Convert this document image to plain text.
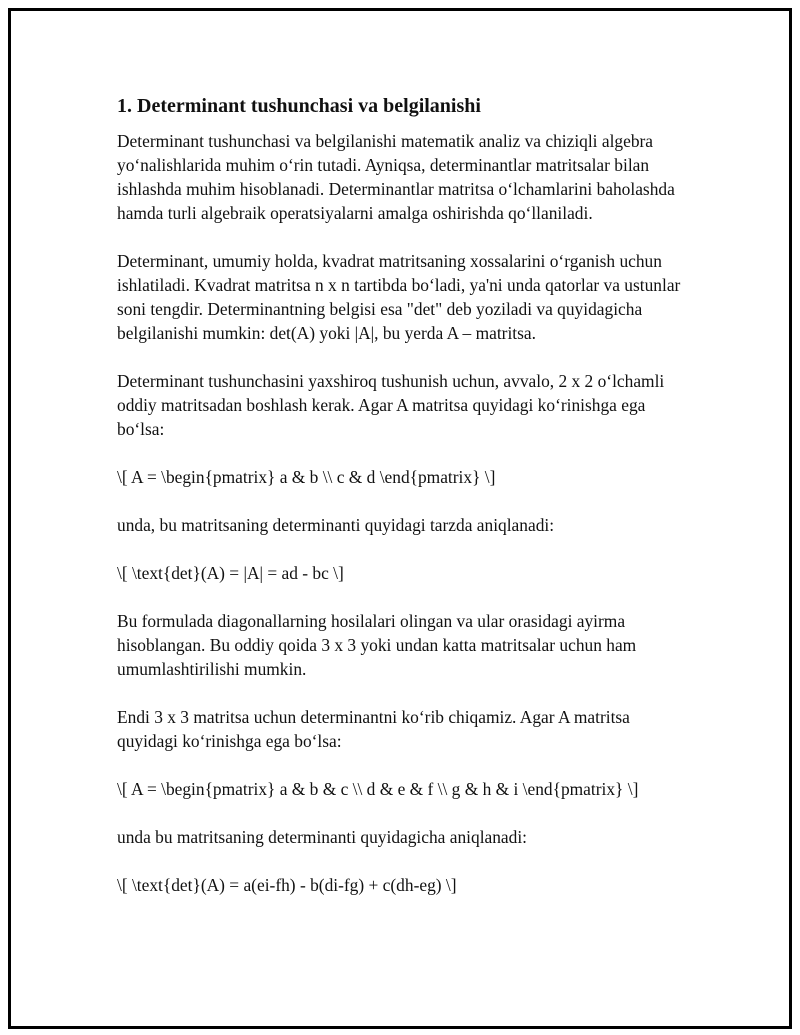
1. Determinant tushunchasi va belgilanishi

Determinant tushunchasi va belgilanishi matematik analiz va chiziqli algebra yo‘nalishlarida muhim o‘rin tutadi. Ayniqsa, determinantlar matritsalar bilan ishlashda muhim hisoblanadi. Determinantlar matritsa o‘lchamlarini baholashda hamda turli algebraik operatsiyalarni amalga oshirishda qo‘llaniladi.

Determinant, umumiy holda, kvadrat matritsaning xossalarini o‘rganish uchun ishlatiladi. Kvadrat matritsa n x n tartibda bo‘ladi, ya'ni unda qatorlar va ustunlar soni tengdir. Determinantning belgisi esa "det" deb yoziladi va quyidagicha belgilanishi mumkin: det(A) yoki |A|, bu yerda A – matritsa.

Determinant tushunchasini yaxshiroq tushunish uchun, avvalo, 2 x 2 o‘lchamli oddiy matritsadan boshlash kerak. Agar A matritsa quyidagi ko‘rinishga ega bo‘lsa:

\[ A = \begin{pmatrix} a & b \\ c & d \end{pmatrix} \]

unda, bu matritsaning determinanti quyidagi tarzda aniqlanadi:

\[ \text{det}(A) = |A| = ad - bc \]

Bu formulada diagonallarning hosilalari olingan va ular orasidagi ayirma hisoblangan. Bu oddiy qoida 3 x 3 yoki undan katta matritsalar uchun ham umumlashtirilishi mumkin.

Endi 3 x 3 matritsa uchun determinantni ko‘rib chiqamiz. Agar A matritsa quyidagi ko‘rinishga ega bo‘lsa:

\[ A = \begin{pmatrix} a & b & c \\ d & e & f \\ g & h & i \end{pmatrix} \]

unda bu matritsaning determinanti quyidagicha aniqlanadi:

\[ \text{det}(A) = a(ei-fh) - b(di-fg) + c(dh-eg) \]
